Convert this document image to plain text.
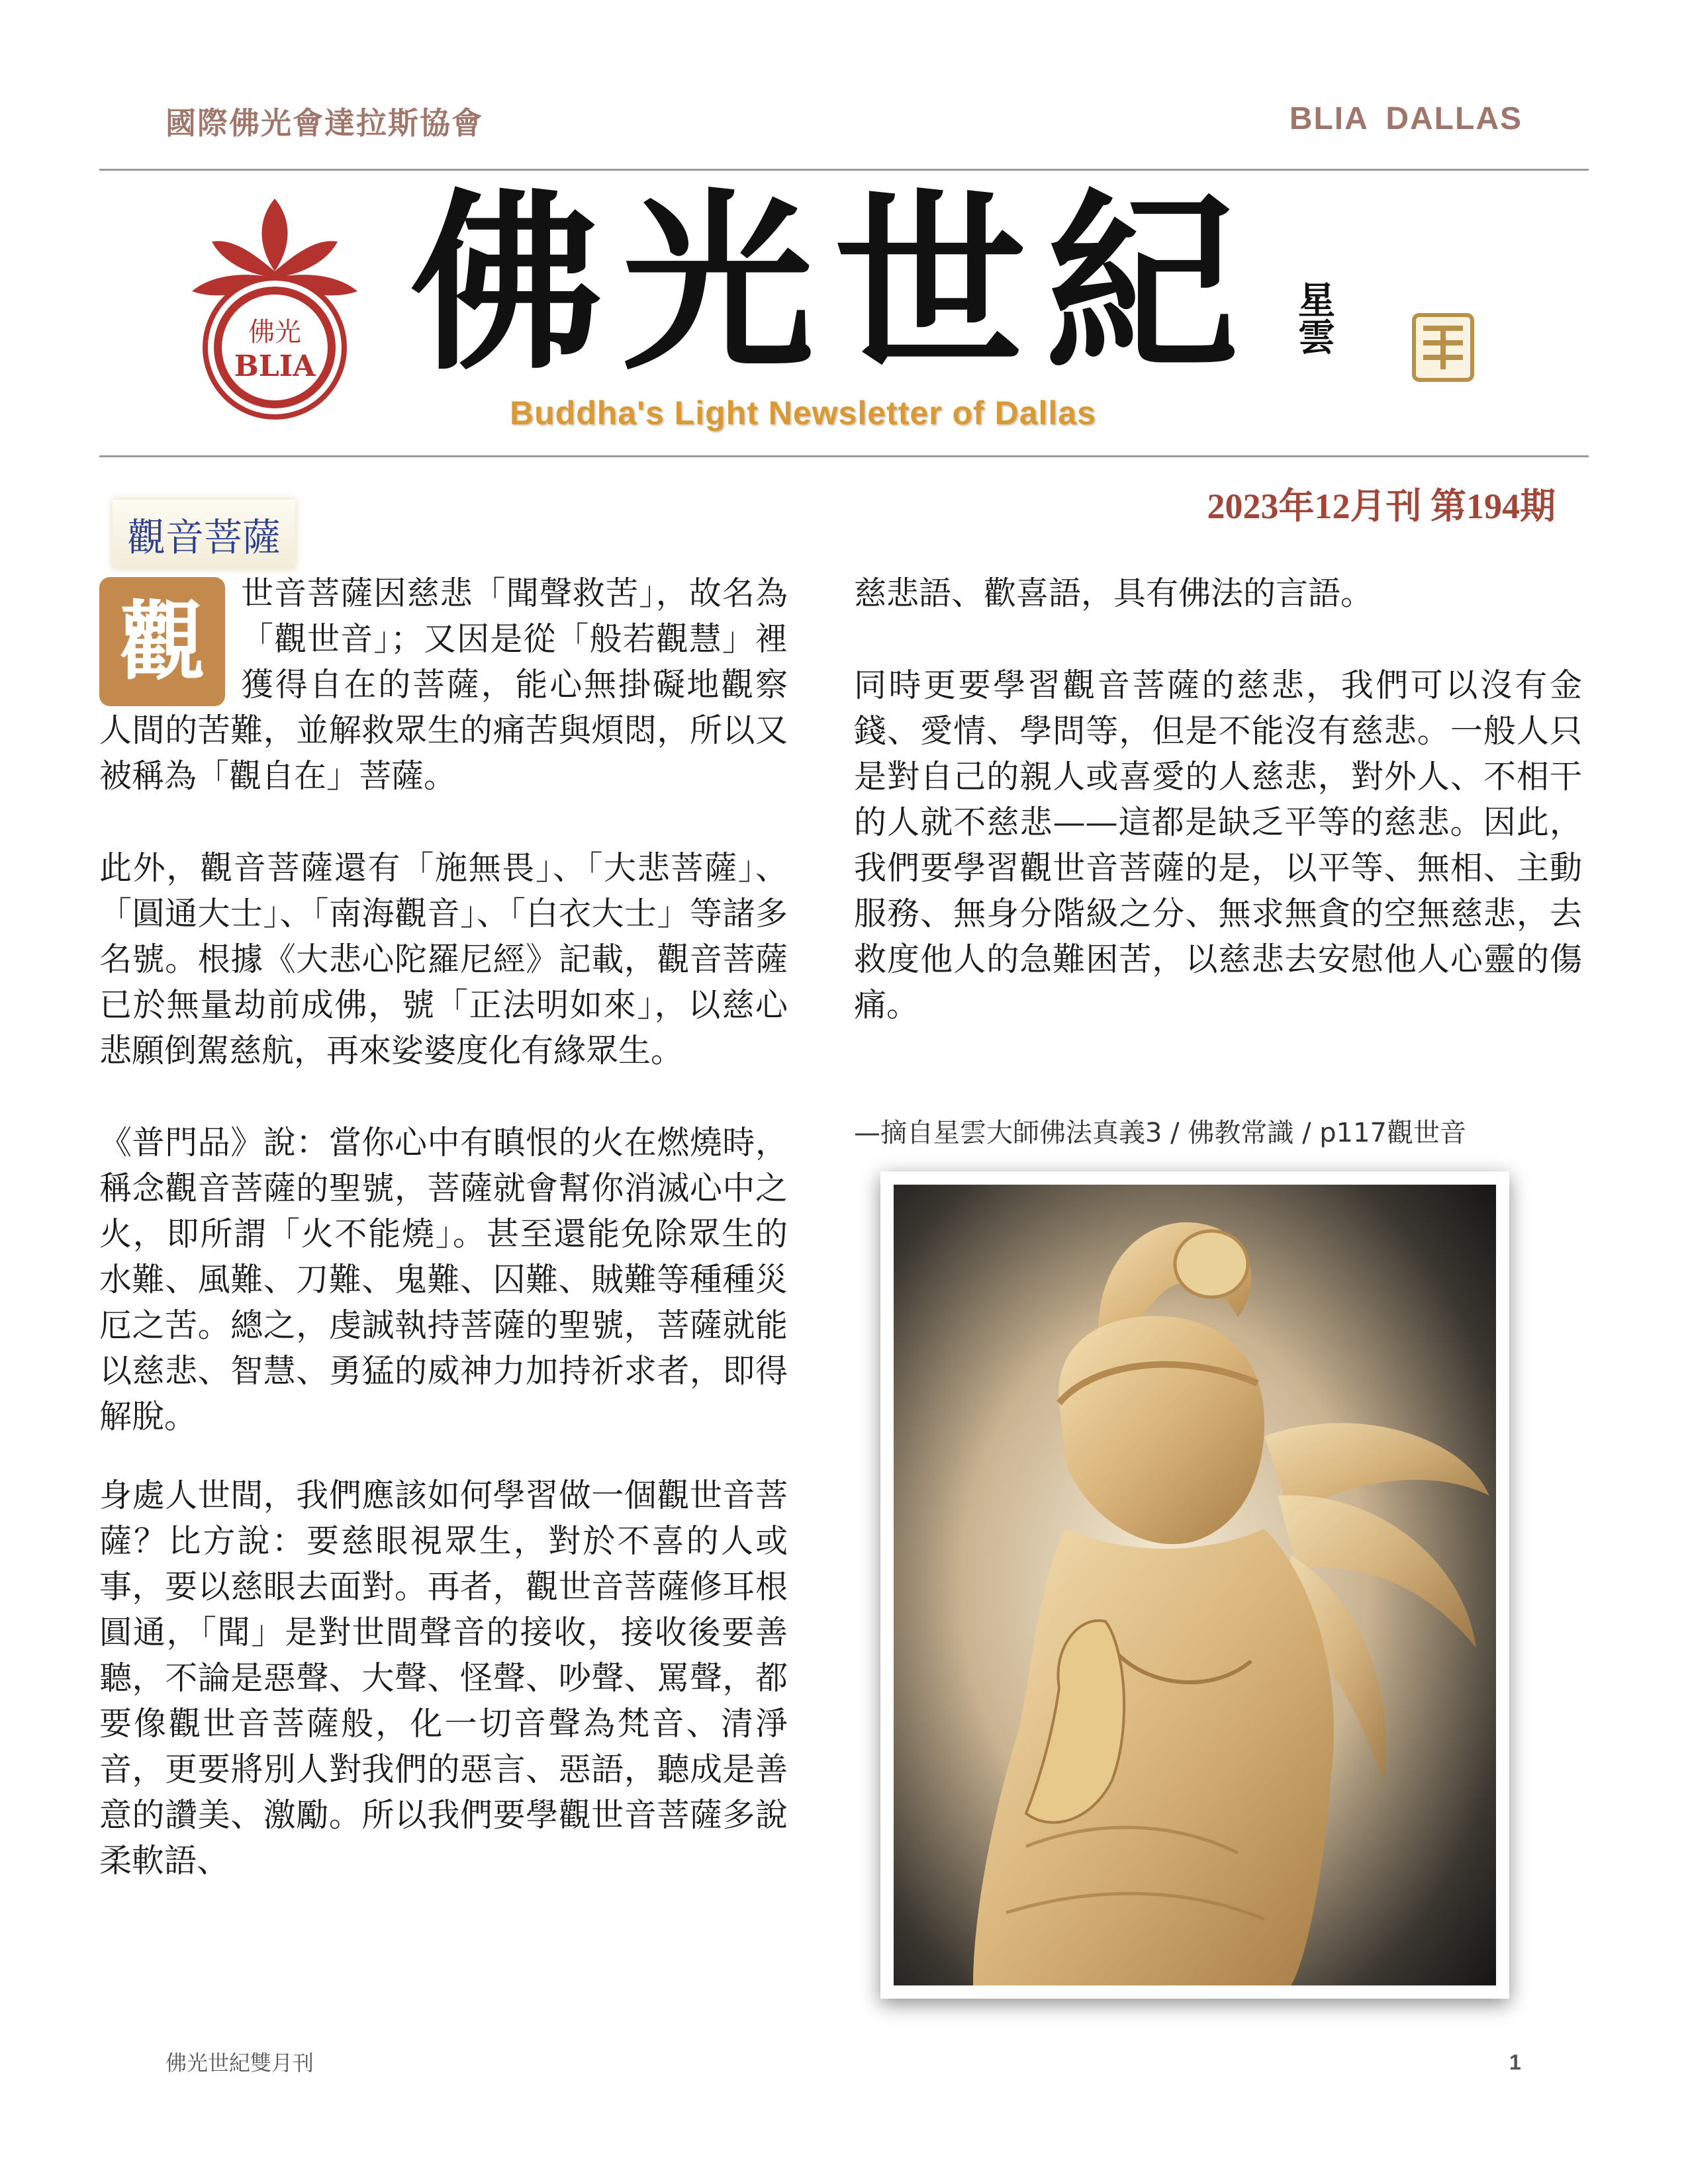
國際佛光會達拉斯協會	BLIA DALLAS
佛光
BLIA 佛光世紀 星雲
Buddha's Light Newsletter of Dallas
2023年12月刊 第194期
觀音菩薩

觀	世音菩薩因慈悲「聞聲救苦」，故名為「觀世音」；又因是從「般若觀慧」裡獲得自在的菩薩，能心無掛礙地觀察人間的苦難，並解救眾生的痛苦與煩悶，所以又被稱為「觀自在」菩薩。

此外，觀音菩薩還有「施無畏」、「大悲菩薩」、「圓通大士」、「南海觀音」、「白衣大士」等諸多名號。根據《大悲心陀羅尼經》記載，觀音菩薩已於無量劫前成佛，號「正法明如來」，以慈心悲願倒駕慈航，再來娑婆度化有緣眾生。

《普門品》說：當你心中有瞋恨的火在燃燒時，稱念觀音菩薩的聖號，菩薩就會幫你消滅心中之火，即所謂「火不能燒」。甚至還能免除眾生的水難、風難、刀難、鬼難、囚難、賊難等種種災厄之苦。總之，虔誠執持菩薩的聖號，菩薩就能以慈悲、智慧、勇猛的威神力加持祈求者，即得解脫。

身處人世間，我們應該如何學習做一個觀世音菩薩？比方說：要慈眼視眾生，對於不喜的人或事，要以慈眼去面對。再者，觀世音菩薩修耳根圓通，「聞」是對世間聲音的接收，接收後要善聽，不論是惡聲、大聲、怪聲、吵聲、罵聲，都要像觀世音菩薩般，化一切音聲為梵音、清淨音，更要將別人對我們的惡言、惡語，聽成是善意的讚美、激勵。所以我們要學觀世音菩薩多說柔軟語、

慈悲語、歡喜語，具有佛法的言語。

同時更要學習觀音菩薩的慈悲，我們可以沒有金錢、愛情、學問等，但是不能沒有慈悲。一般人只是對自己的親人或喜愛的人慈悲，對外人、不相干的人就不慈悲——這都是缺乏平等的慈悲。因此，我們要學習觀世音菩薩的是，以平等、無相、主動服務、無身分階級之分、無求無貪的空無慈悲，去救度他人的急難困苦，以慈悲去安慰他人心靈的傷痛。

—摘自星雲大師佛法真義3 / 佛教常識 / p117觀世音
佛光世紀雙月刊	1
